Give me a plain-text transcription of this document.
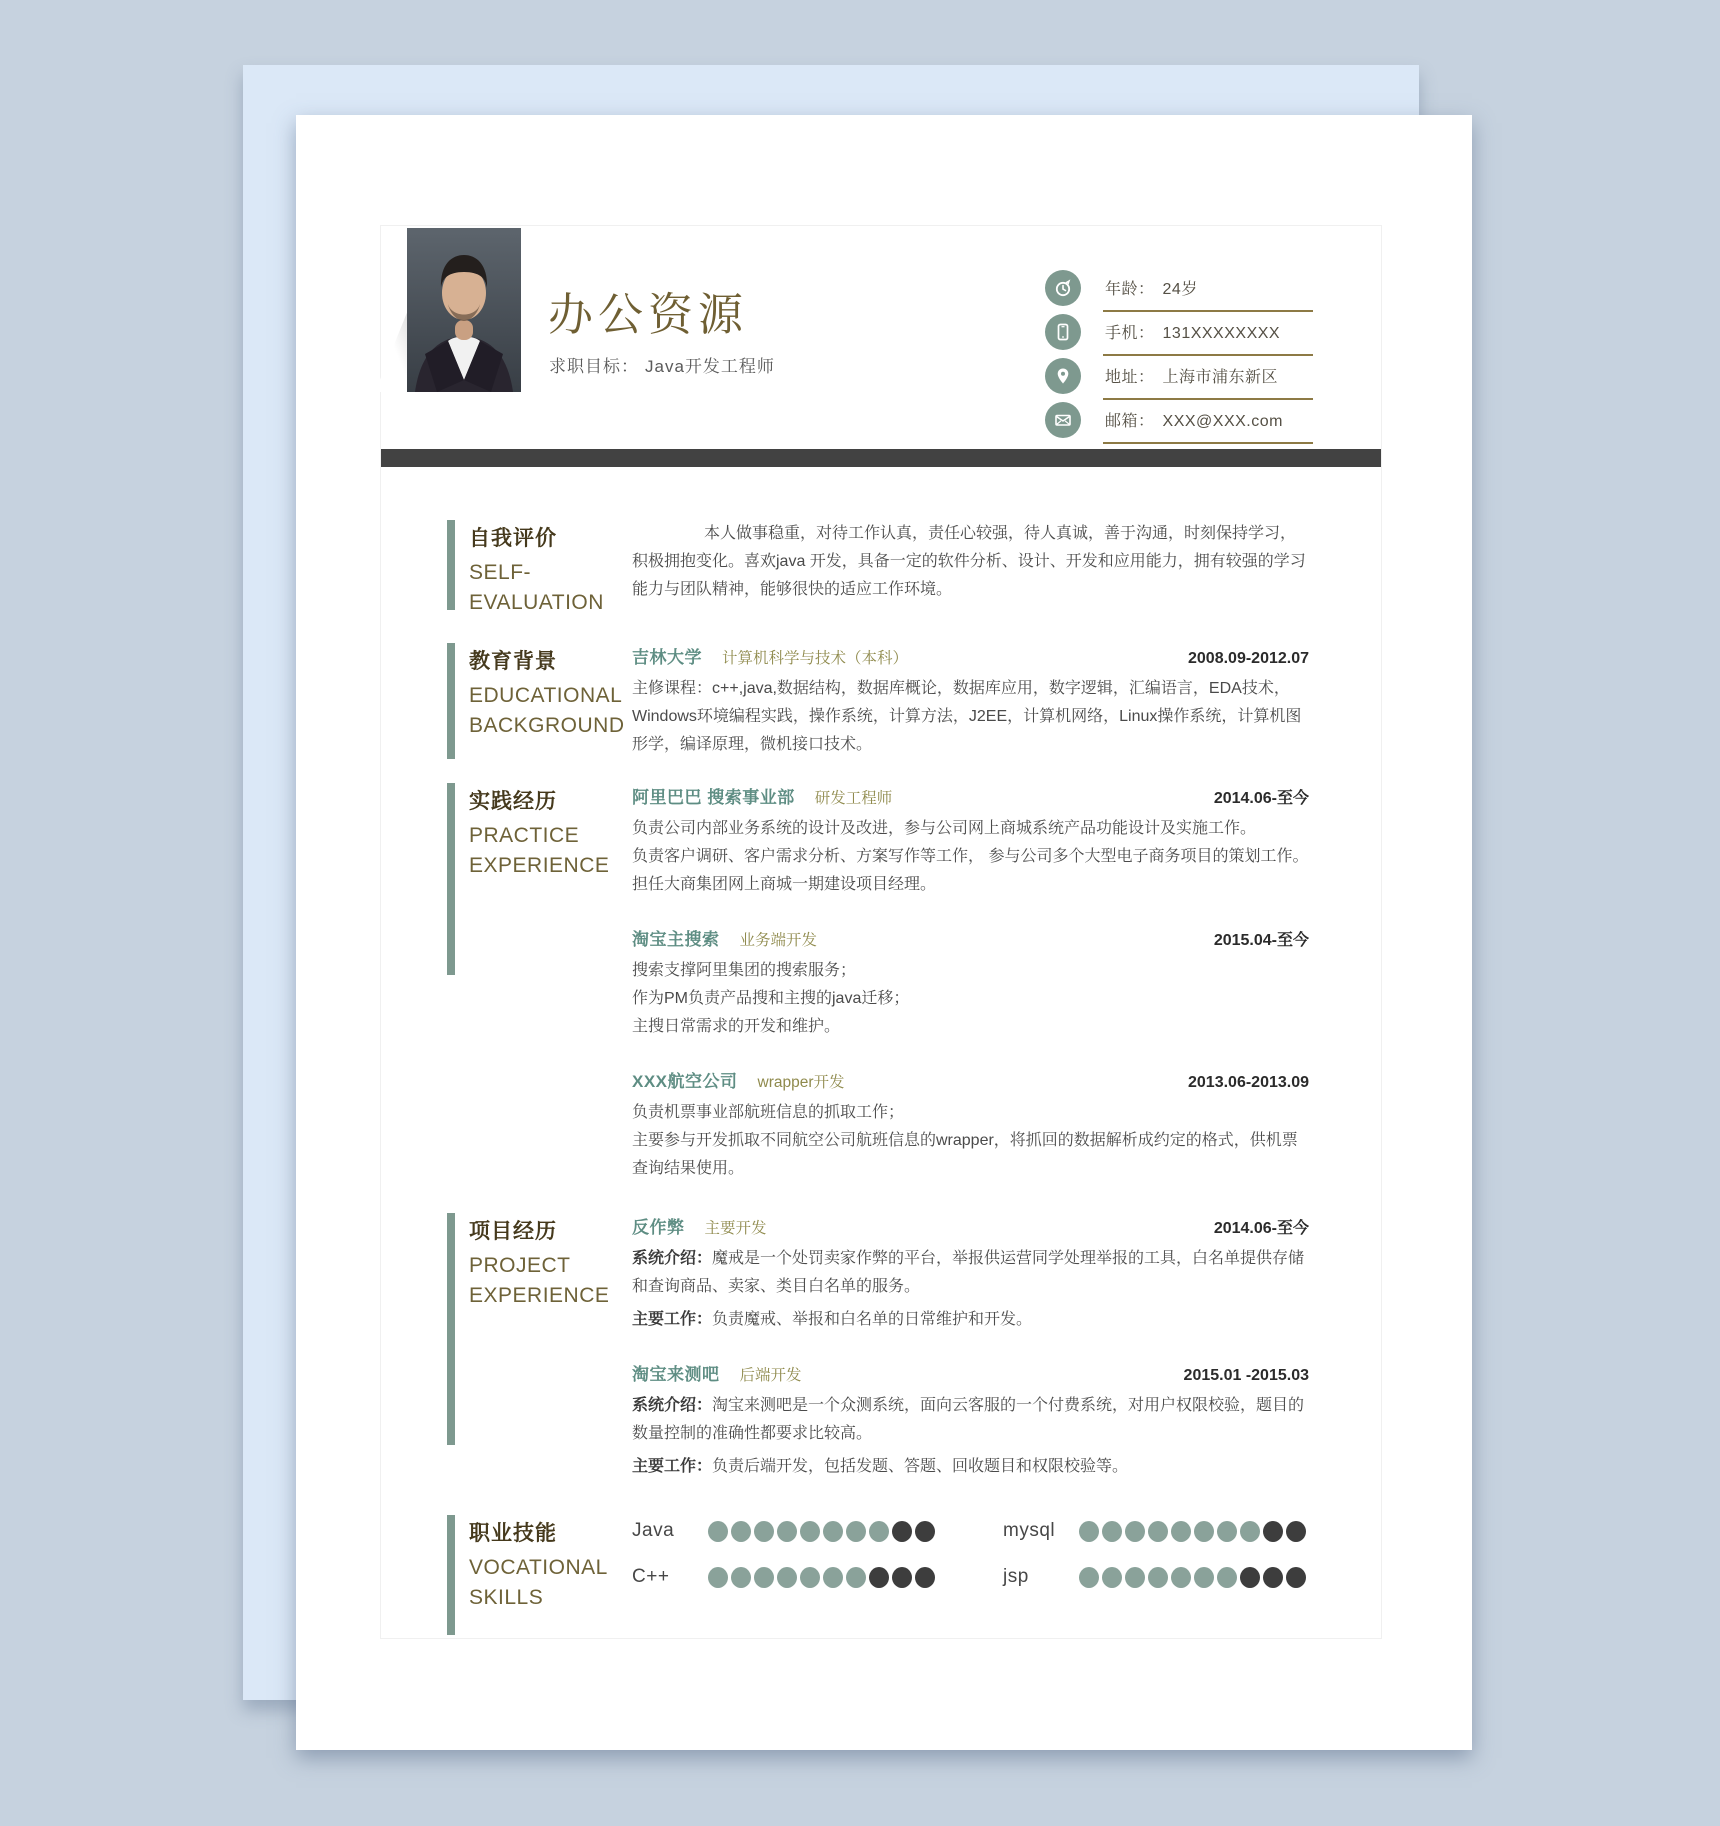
办公资源
求职目标： Java开发工程师
年龄： 24岁
手机： 131XXXXXXXX
地址： 上海市浦东新区
邮箱： XXX@XXX.com
自我评价
SELF-
EVALUATION

本人做事稳重，对待工作认真，责任心较强，待人真诚，善于沟通，时刻保持学习，积极拥抱变化。喜欢java 开发，具备一定的软件分析、设计、开发和应用能力，拥有较强的学习能力与团队精神，能够很快的适应工作环境。

教育背景
EDUCATIONAL
BACKGROUND
吉林大学 计算机科学与技术（本科）	2008.09-2012.07

主修课程：c++,java,数据结构，数据库概论，数据库应用，数字逻辑，汇编语言，EDA技术，Windows环境编程实践，操作系统，计算方法，J2EE，计算机网络，Linux操作系统，计算机图形学，编译原理，微机接口技术。

实践经历
PRACTICE
EXPERIENCE
阿里巴巴 搜索事业部 研发工程师	2014.06-至今

负责公司内部业务系统的设计及改进，参与公司网上商城系统产品功能设计及实施工作。

负责客户调研、客户需求分析、方案写作等工作， 参与公司多个大型电子商务项目的策划工作。

担任大商集团网上商城一期建设项目经理。

淘宝主搜索 业务端开发	2015.04-至今

搜索支撑阿里集团的搜索服务；

作为PM负责产品搜和主搜的java迁移；

主搜日常需求的开发和维护。

XXX航空公司 wrapper开发	2013.06-2013.09

负责机票事业部航班信息的抓取工作；

主要参与开发抓取不同航空公司航班信息的wrapper，将抓回的数据解析成约定的格式，供机票查询结果使用。

项目经历
PROJECT
EXPERIENCE
反作弊 主要开发	2014.06-至今

系统介绍：魔戒是一个处罚卖家作弊的平台，举报供运营同学处理举报的工具，白名单提供存储和查询商品、卖家、类目白名单的服务。

主要工作：负责魔戒、举报和白名单的日常维护和开发。

淘宝来测吧 后端开发	2015.01 -2015.03

系统介绍：淘宝来测吧是一个众测系统，面向云客服的一个付费系统，对用户权限校验，题目的数量控制的准确性都要求比较高。

主要工作：负责后端开发，包括发题、答题、回收题目和权限校验等。

职业技能
VOCATIONAL
SKILLS
Java	mysql
C++	jsp
